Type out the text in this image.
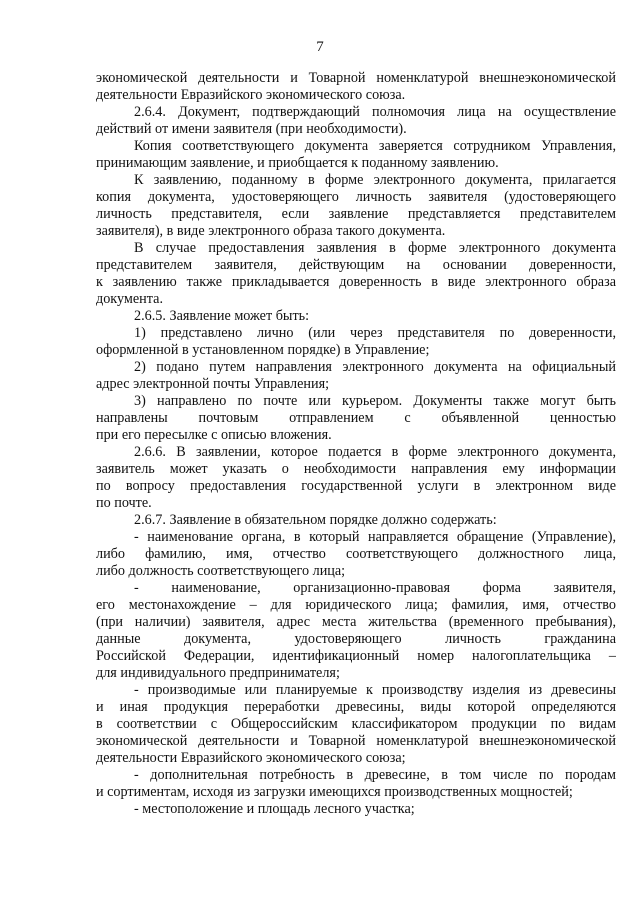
7
экономической деятельности и Товарной номенклатурой внешнеэкономической
деятельности Евразийского экономического союза.
2.6.4. Документ, подтверждающий полномочия лица на осуществление
действий от имени заявителя (при необходимости).
Копия соответствующего документа заверяется сотрудником Управления,
принимающим заявление, и приобщается к поданному заявлению.
К заявлению, поданному в форме электронного документа, прилагается
копия документа, удостоверяющего личность заявителя (удостоверяющего
личность представителя, если заявление представляется представителем
заявителя), в виде электронного образа такого документа.
В случае предоставления заявления в форме электронного документа
представителем заявителя, действующим на основании доверенности,
к заявлению также прикладывается доверенность в виде электронного образа
документа.
2.6.5. Заявление может быть:
1) представлено лично (или через представителя по доверенности,
оформленной в установленном порядке) в Управление;
2) подано путем направления электронного документа на официальный
адрес электронной почты Управления;
3) направлено по почте или курьером. Документы также могут быть
направлены почтовым отправлением с объявленной ценностью
при его пересылке с описью вложения.
2.6.6. В заявлении, которое подается в форме электронного документа,
заявитель может указать о необходимости направления ему информации
по вопросу предоставления государственной услуги в электронном виде
по почте.
2.6.7. Заявление в обязательном порядке должно содержать:
- наименование органа, в который направляется обращение (Управление),
либо фамилию, имя, отчество соответствующего должностного лица,
либо должность соответствующего лица;
- наименование, организационно-правовая форма заявителя,
его местонахождение – для юридического лица; фамилия, имя, отчество
(при наличии) заявителя, адрес места жительства (временного пребывания),
данные документа, удостоверяющего личность гражданина
Российской Федерации, идентификационный номер налогоплательщика –
для индивидуального предпринимателя;
- производимые или планируемые к производству изделия из древесины
и иная продукция переработки древесины, виды которой определяются
в соответствии с Общероссийским классификатором продукции по видам
экономической деятельности и Товарной номенклатурой внешнеэкономической
деятельности Евразийского экономического союза;
- дополнительная потребность в древесине, в том числе по породам
и сортиментам, исходя из загрузки имеющихся производственных мощностей;
- местоположение и площадь лесного участка;
